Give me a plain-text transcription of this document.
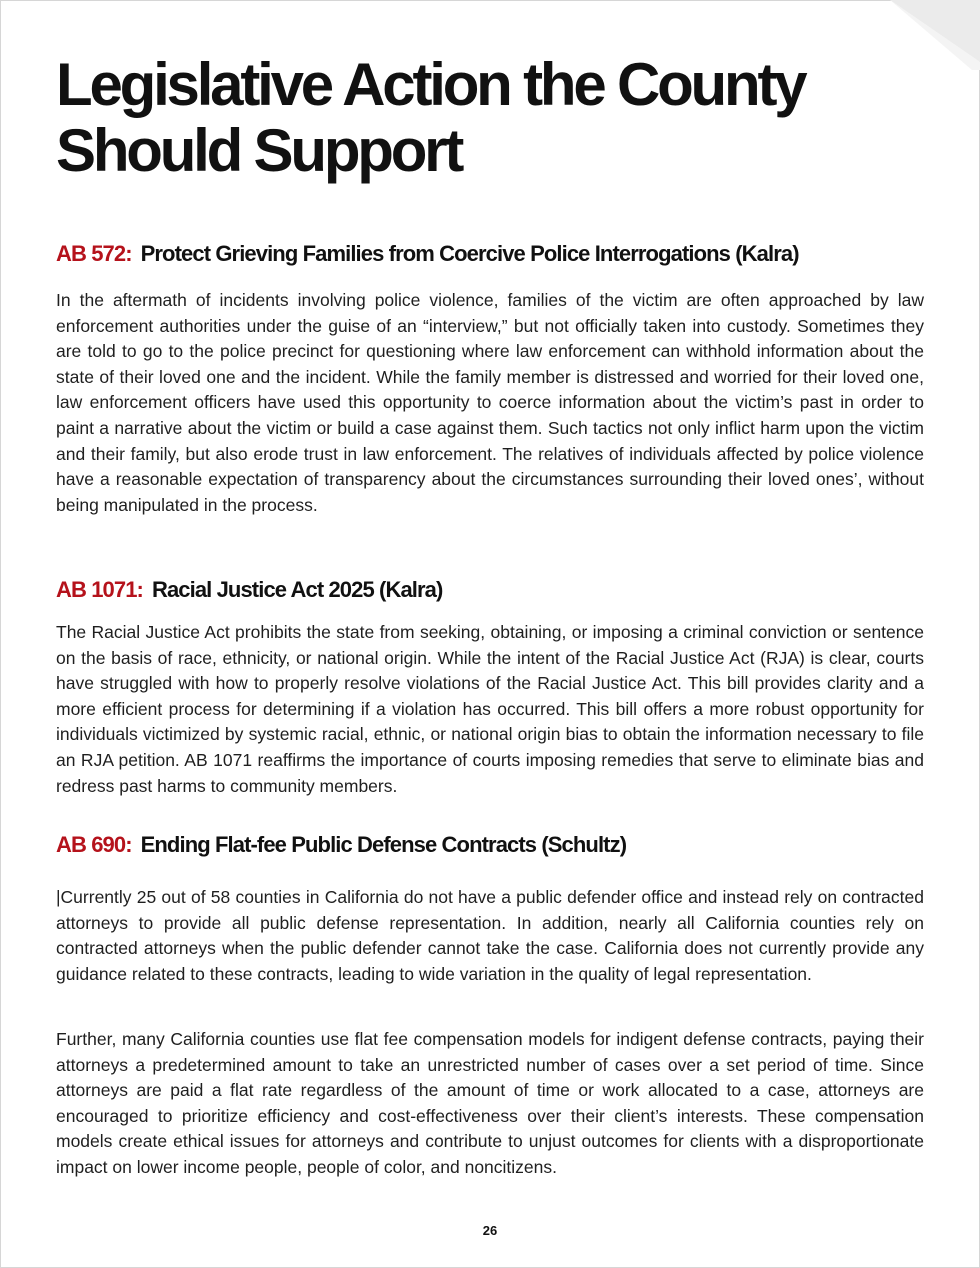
Legislative Action the County Should Support
AB 572: Protect Grieving Families from Coercive Police Interrogations (Kalra)

In the aftermath of incidents involving police violence, families of the victim are often approached by law enforcement authorities under the guise of an “interview,” but not officially taken into custody. Sometimes they are told to go to the police precinct for questioning where law enforcement can withhold information about the state of their loved one and the incident. While the family member is distressed and worried for their loved one, law enforcement officers have used this opportunity to coerce information about the victim’s past in order to paint a narrative about the victim or build a case against them. Such tactics not only inflict harm upon the victim and their family, but also erode trust in law enforcement. The relatives of individuals affected by police violence have a reasonable expectation of transparency about the circumstances surrounding their loved ones’, without being manipulated in the process.

AB 1071: Racial Justice Act 2025 (Kalra)

The Racial Justice Act prohibits the state from seeking, obtaining, or imposing a criminal conviction or sentence on the basis of race, ethnicity, or national origin. While the intent of the Racial Justice Act (RJA) is clear, courts have struggled with how to properly resolve violations of the Racial Justice Act. This bill provides clarity and a more efficient process for determining if a violation has occurred. This bill offers a more robust opportunity for individuals victimized by systemic racial, ethnic, or national origin bias to obtain the information necessary to file an RJA petition. AB 1071 reaffirms the importance of courts imposing remedies that serve to eliminate bias and redress past harms to community members.

AB 690: Ending Flat-fee Public Defense Contracts (Schultz)

|Currently 25 out of 58 counties in California do not have a public defender office and instead rely on contracted attorneys to provide all public defense representation. In addition, nearly all California counties rely on contracted attorneys when the public defender cannot take the case. California does not currently provide any guidance related to these contracts, leading to wide variation in the quality of legal representation.

Further, many California counties use flat fee compensation models for indigent defense contracts, paying their attorneys a predetermined amount to take an unrestricted number of cases over a set period of time. Since attorneys are paid a flat rate regardless of the amount of time or work allocated to a case, attorneys are encouraged to prioritize efficiency and cost-effectiveness over their client’s interests. These compensation models create ethical issues for attorneys and contribute to unjust outcomes for clients with a disproportionate impact on lower income people, people of color, and noncitizens.

26
